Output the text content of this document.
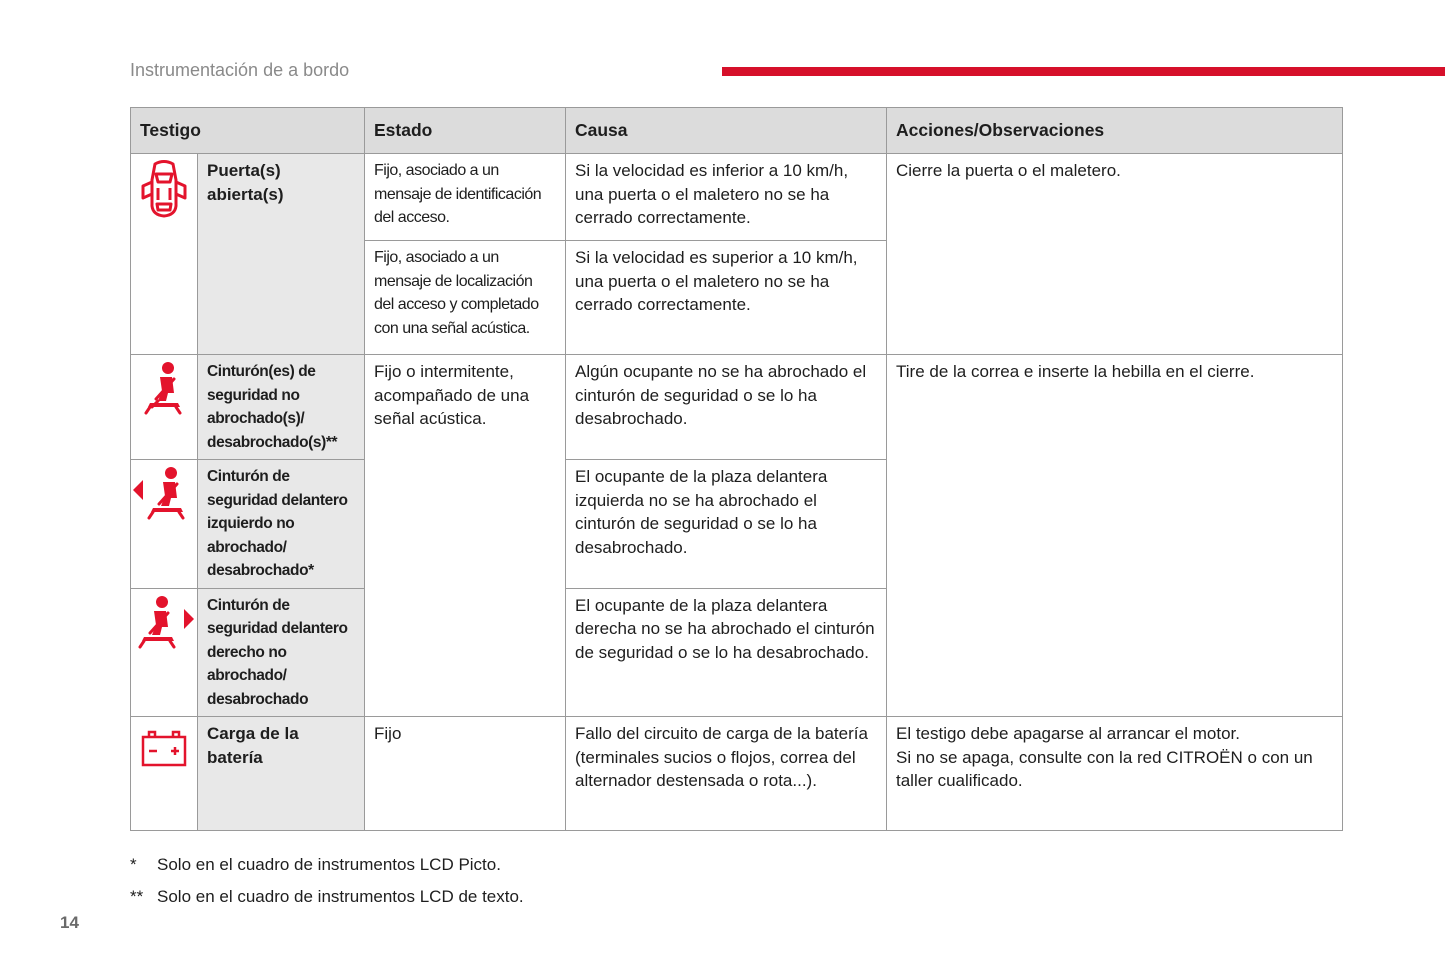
Instrumentación de a bordo
Testigo		Estado	Causa	Acciones/Observaciones

	Puerta(s) abierta(s)	Fijo, asociado a un mensaje de identificación del acceso.	Si la velocidad es inferior a 10 km/h, una puerta o el maletero no se ha cerrado correctamente.	Cierre la puerta o el maletero.
		Fijo, asociado a un mensaje de localización del acceso y completado con una señal acústica.	Si la velocidad es superior a 10 km/h, una puerta o el maletero no se ha cerrado correctamente.	

	Cinturón(es) de seguridad no abrochado(s)/ desabrochado(s)**	Fijo o intermitente, acompañado de una señal acústica.	Algún ocupante no se ha abrochado el cinturón de seguridad o se lo ha desabrochado.	Tire de la correa e inserte la hebilla en el cierre.

	Cinturón de seguridad delantero izquierdo no abrochado/ desabrochado*		El ocupante de la plaza delantera izquierda no se ha abrochado el cinturón de seguridad o se lo ha desabrochado.	

	Cinturón de seguridad delantero derecho no abrochado/ desabrochado		El ocupante de la plaza delantera derecha no se ha abrochado el cinturón de seguridad o se lo ha desabrochado.	

	Carga de la batería	Fijo	Fallo del circuito de carga de la batería (terminales sucios o flojos, correa del alternador destensada o rota...).	El testigo debe apagarse al arrancar el motor.
Si no se apaga, consulte con la red CITROËN o con un taller cualificado.
*	Solo en el cuadro de instrumentos LCD Picto.
** Solo en el cuadro de instrumentos LCD de texto.
14
